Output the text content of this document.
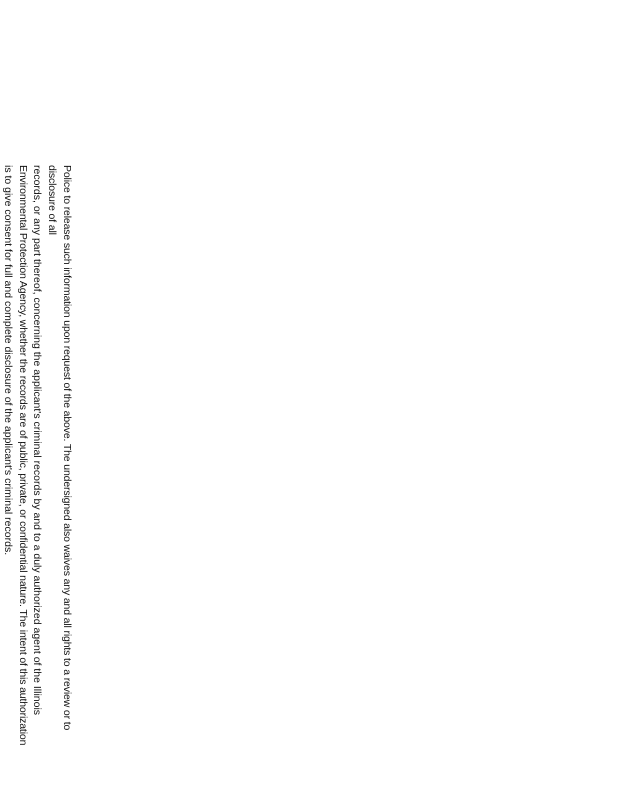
Police to release such information upon request of the above. The undersigned also waives any and all rights to a review or to disclosure of all

records, or any part thereof, concerning the applicant's criminal records by and to a duly authorized agent of the Illinois

Environmental Protection Agency, whether the records are of public, private, or confidential nature. The intent of this authorization

is to give consent for full and complete disclosure of the applicant's criminal records.
